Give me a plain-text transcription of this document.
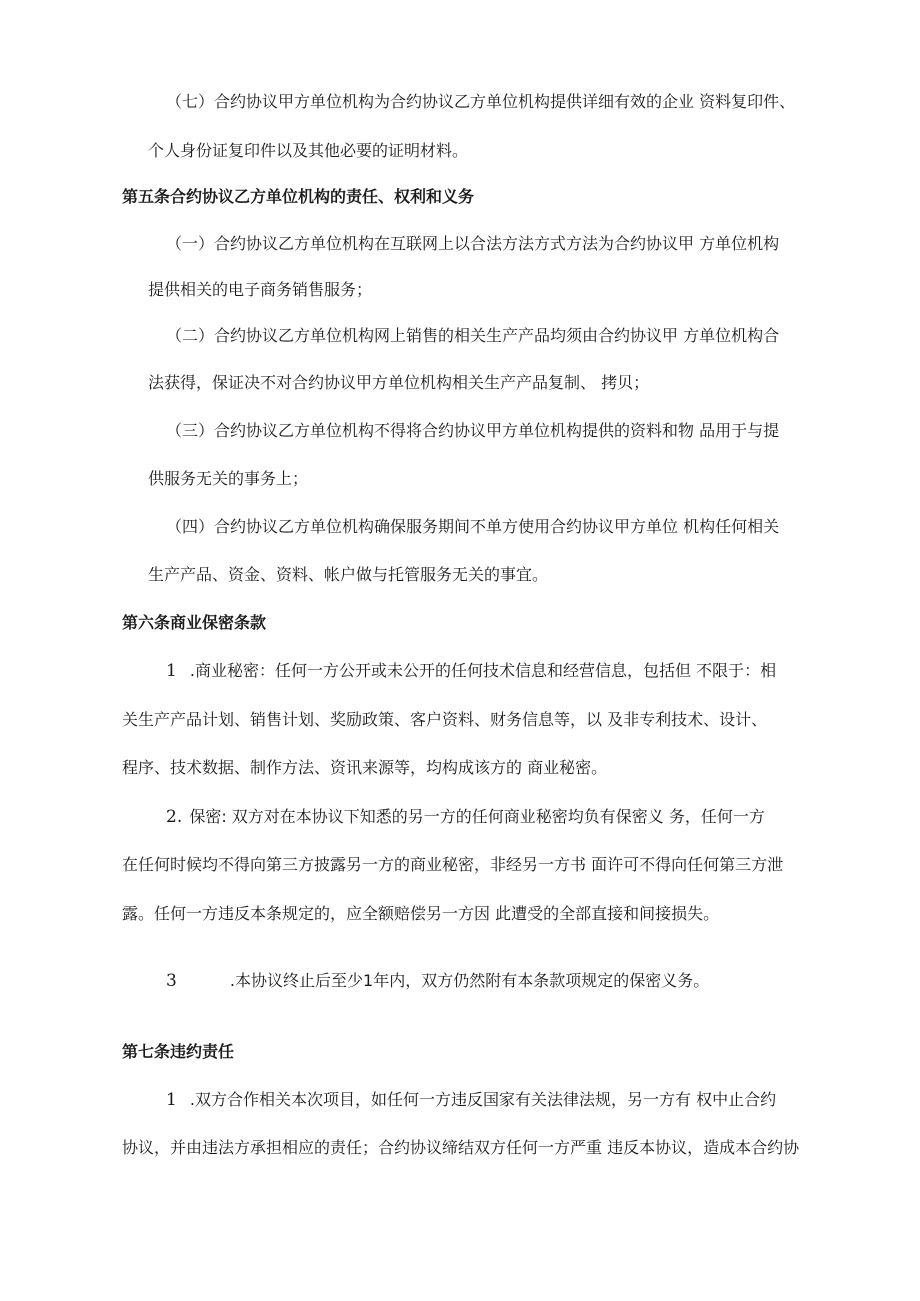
（七）合约协议甲方单位机构为合约协议乙方单位机构提供详细有效的企业 资料复印件、
个人身份证复印件以及其他必要的证明材料。
第五条合约协议乙方单位机构的责任、权利和义务
（一）合约协议乙方单位机构在互联网上以合法方法方式方法为合约协议甲 方单位机构
提供相关的电子商务销售服务；
（二）合约协议乙方单位机构网上销售的相关生产产品均须由合约协议甲 方单位机构合
法获得，保证决不对合约协议甲方单位机构相关生产产品复制、 拷贝；
（三）合约协议乙方单位机构不得将合约协议甲方单位机构提供的资料和物 品用于与提
供服务无关的事务上；
（四）合约协议乙方单位机构确保服务期间不单方使用合约协议甲方单位 机构任何相关
生产产品、资金、资料、帐户做与托管服务无关的事宜。
第六条商业保密条款
1 .商业秘密：任何一方公开或未公开的任何技术信息和经营信息，包括但 不限于：相
关生产产品计划、销售计划、奖励政策、客户资料、财务信息等，以 及非专利技术、设计、
程序、技术数据、制作方法、资讯来源等，均构成该方的 商业秘密。
2. 保密: 双方对在本协议下知悉的另一方的任何商业秘密均负有保密义 务，任何一方
在任何时候均不得向第三方披露另一方的商业秘密，非经另一方书 面许可不得向任何第三方泄
露。任何一方违反本条规定的，应全额赔偿另一方因 此遭受的全部直接和间接损失。
3	.本协议终止后至少1年内，双方仍然附有本条款项规定的保密义务。
第七条违约责任
1 .双方合作相关本次项目，如任何一方违反国家有关法律法规，另一方有 权中止合约
协议，并由违法方承担相应的责任；合约协议缔结双方任何一方严重 违反本协议，造成本合约协
